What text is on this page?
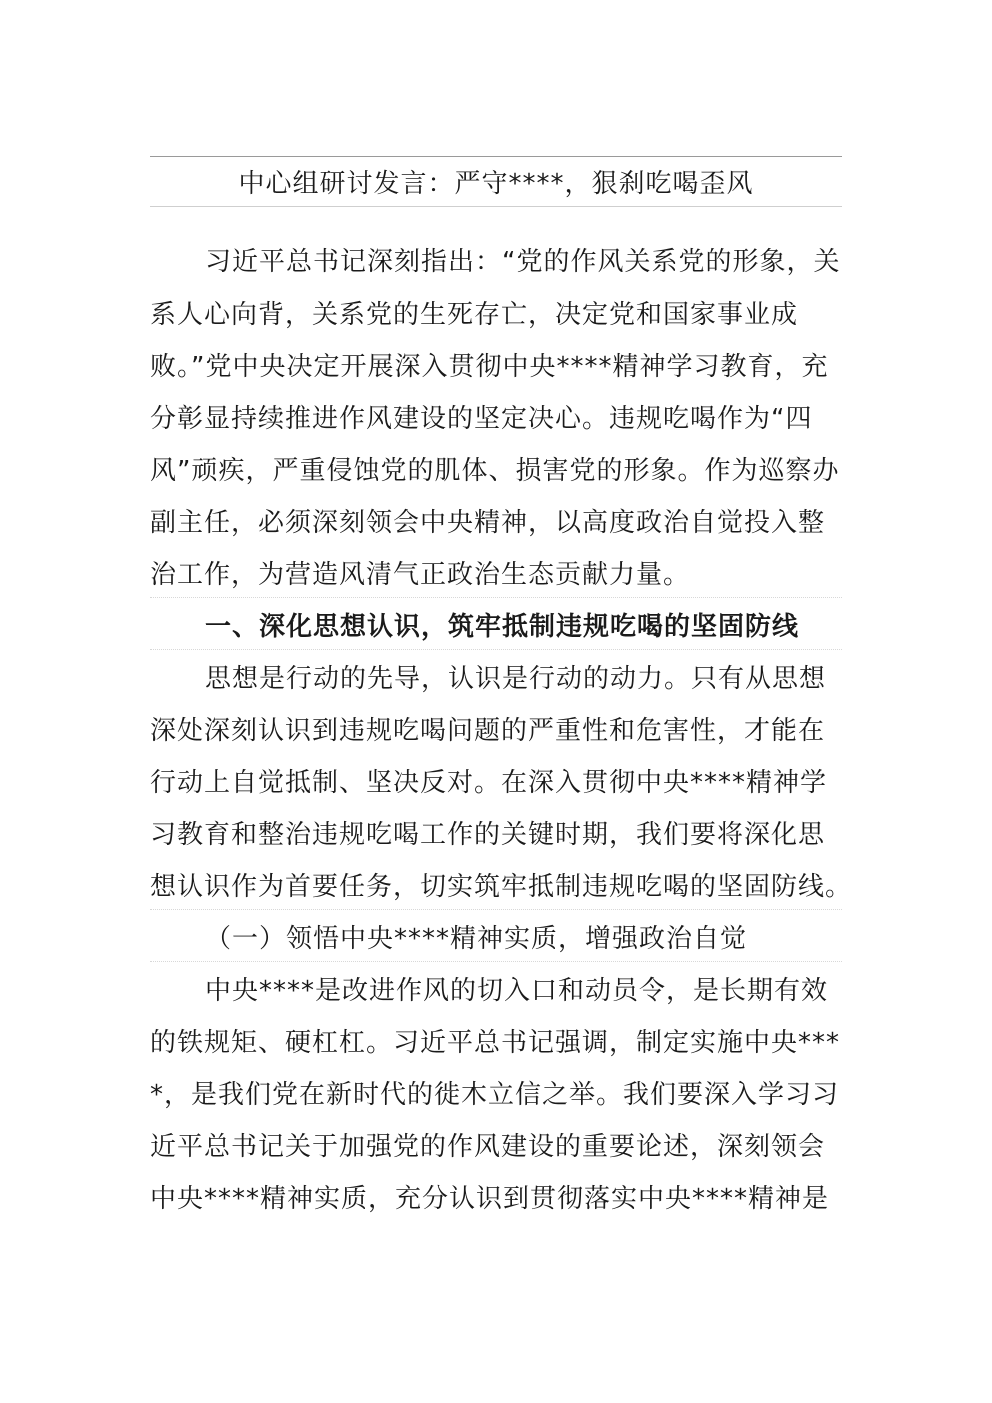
中心组研讨发言：严守****，狠刹吃喝歪风
习近平总书记深刻指出：“党的作风关系党的形象，关
系人心向背，关系党的生死存亡，决定党和国家事业成
败。”党中央决定开展深入贯彻中央****精神学习教育，充
分彰显持续推进作风建设的坚定决心。违规吃喝作为“四
风”顽疾，严重侵蚀党的肌体、损害党的形象。作为巡察办
副主任，必须深刻领会中央精神，以高度政治自觉投入整
治工作，为营造风清气正政治生态贡献力量。
一、深化思想认识，筑牢抵制违规吃喝的坚固防线
思想是行动的先导，认识是行动的动力。只有从思想
深处深刻认识到违规吃喝问题的严重性和危害性，才能在
行动上自觉抵制、坚决反对。在深入贯彻中央****精神学
习教育和整治违规吃喝工作的关键时期，我们要将深化思
想认识作为首要任务，切实筑牢抵制违规吃喝的坚固防线。
（一）领悟中央****精神实质，增强政治自觉
中央****是改进作风的切入口和动员令，是长期有效
的铁规矩、硬杠杠。习近平总书记强调，制定实施中央***
*，是我们党在新时代的徙木立信之举。我们要深入学习习
近平总书记关于加强党的作风建设的重要论述，深刻领会
中央****精神实质，充分认识到贯彻落实中央****精神是
